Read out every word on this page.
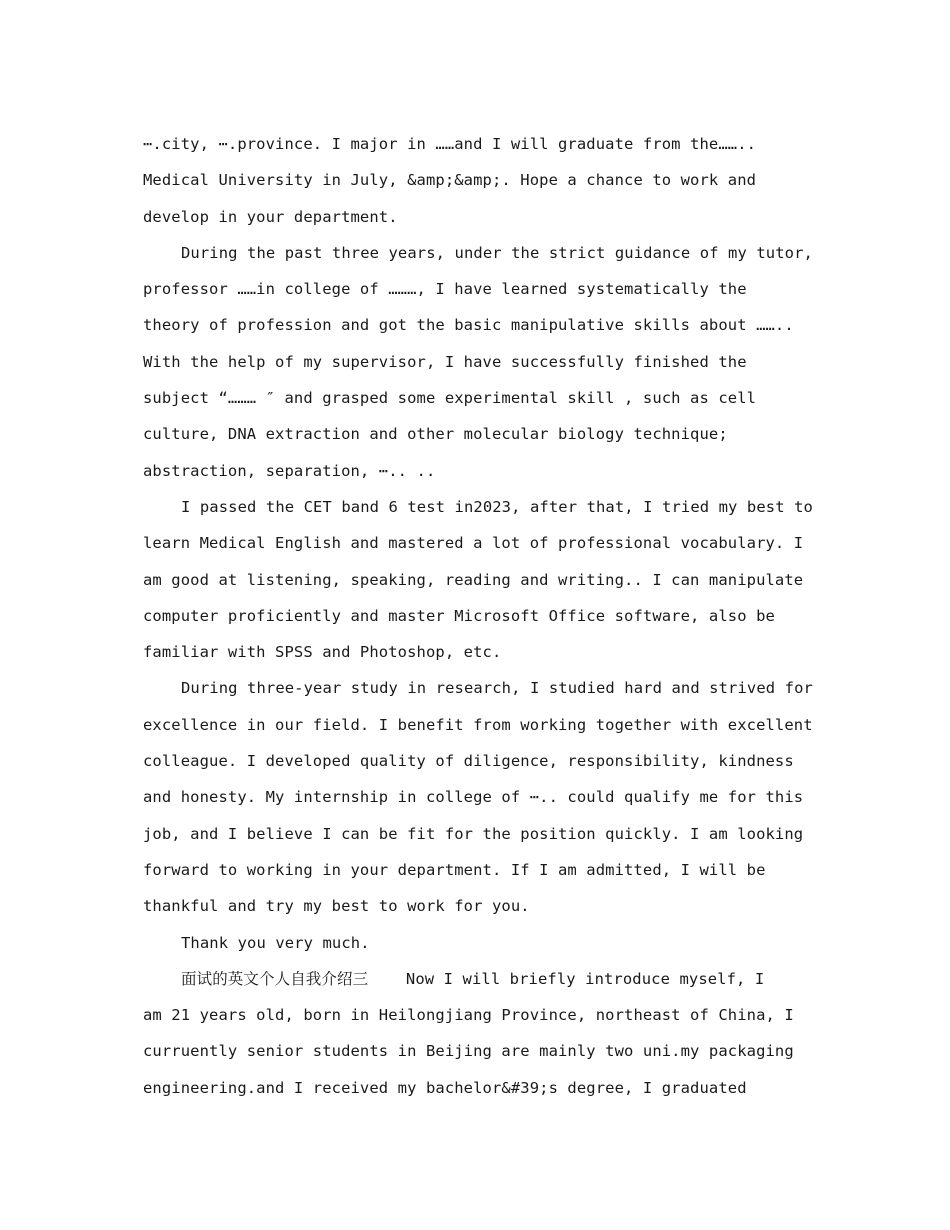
⋯.city, ⋯.province. I major in ……and I will graduate from the……..
Medical University in July, &amp;&amp;. Hope a chance to work and
develop in your department.
During the past three years, under the strict guidance of my tutor,
professor ……in college of ………, I have learned systematically the
theory of profession and got the basic manipulative skills about ……..
With the help of my supervisor, I have successfully finished the
subject “……… ″ and grasped some experimental skill , such as cell
culture, DNA extraction and other molecular biology technique;
abstraction, separation, ⋯.. ..
I passed the CET band 6 test in2023, after that, I tried my best to
learn Medical English and mastered a lot of professional vocabulary. I
am good at listening, speaking, reading and writing.. I can manipulate
computer proficiently and master Microsoft Office software, also be
familiar with SPSS and Photoshop, etc.
During three-year study in research, I studied hard and strived for
excellence in our field. I benefit from working together with excellent
colleague. I developed quality of diligence, responsibility, kindness
and honesty. My internship in college of ⋯.. could qualify me for this
job, and I believe I can be fit for the position quickly. I am looking
forward to working in your department. If I am admitted, I will be
thankful and try my best to work for you.
Thank you very much.
面试的英文个人自我介绍三    Now I will briefly introduce myself, I
am 21 years old, born in Heilongjiang Province, northeast of China, I
curruently senior students in Beijing are mainly two uni.my packaging
engineering.and I received my bachelor&#39;s degree, I graduated
